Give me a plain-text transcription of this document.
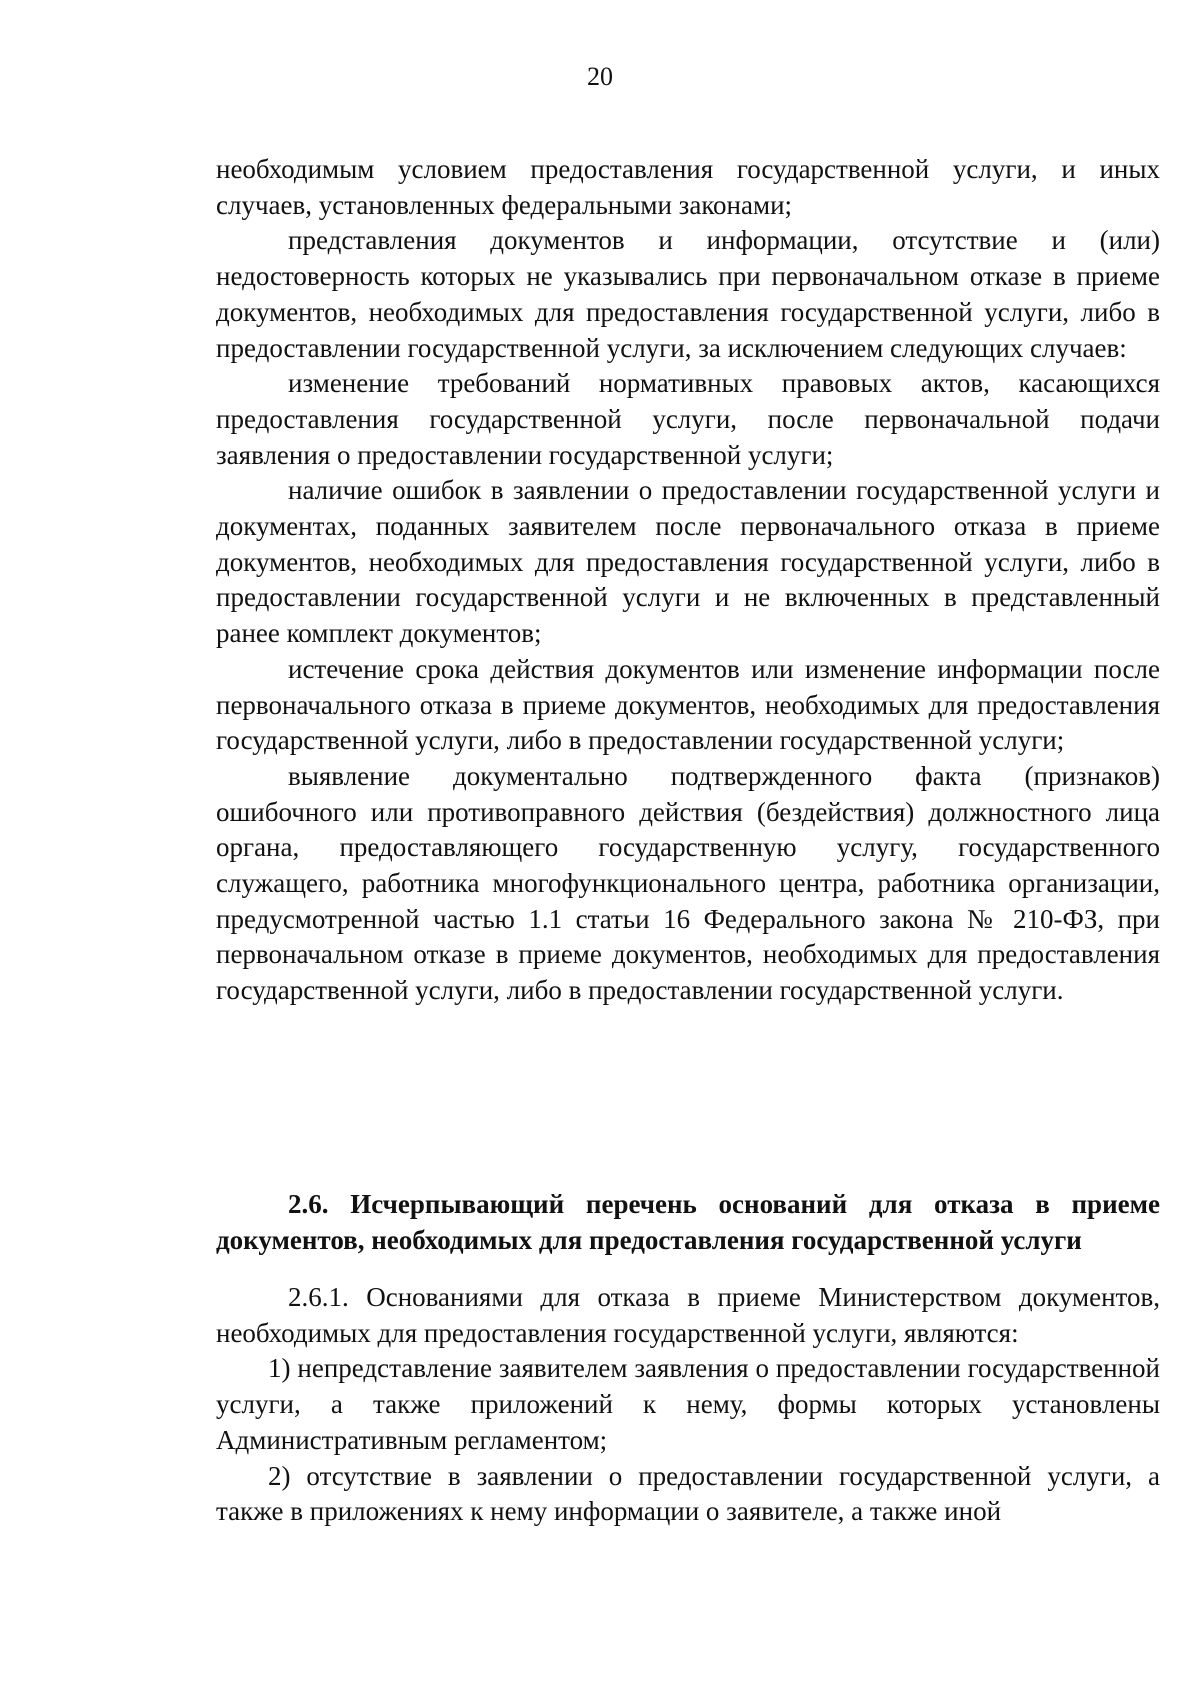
20

необходимым условием предоставления государственной услуги, и иных случаев, установленных федеральными законами;

представления документов и информации, отсутствие и (или) недостоверность которых не указывались при первоначальном отказе в приеме документов, необходимых для предоставления государственной услуги, либо в предоставлении государственной услуги, за исключением следующих случаев:

изменение требований нормативных правовых актов, касающихся предоставления государственной услуги, после первоначальной подачи заявления о предоставлении государственной услуги;

наличие ошибок в заявлении о предоставлении государственной услуги и документах, поданных заявителем после первоначального отказа в приеме документов, необходимых для предоставления государственной услуги, либо в предоставлении государственной услуги и не включенных в представленный ранее комплект документов;

истечение срока действия документов или изменение информации после первоначального отказа в приеме документов, необходимых для предоставления государственной услуги, либо в предоставлении государственной услуги;

выявление документально подтвержденного факта (признаков) ошибочного или противоправного действия (бездействия) должностного лица органа, предоставляющего государственную услугу, государственного служащего, работника многофункционального центра, работника организации, предусмотренной частью 1.1 статьи 16 Федерального закона № 210-ФЗ, при первоначальном отказе в приеме документов, необходимых для предоставления государственной услуги, либо в предоставлении государственной услуги.

2.6. Исчерпывающий перечень оснований для отказа в приеме документов, необходимых для предоставления государственной услуги

2.6.1. Основаниями для отказа в приеме Министерством документов, необходимых для предоставления государственной услуги, являются:

1) непредставление заявителем заявления о предоставлении государственной услуги, а также приложений к нему, формы которых установлены Административным регламентом;

2) отсутствие в заявлении о предоставлении государственной услуги, а также в приложениях к нему информации о заявителе, а также иной
